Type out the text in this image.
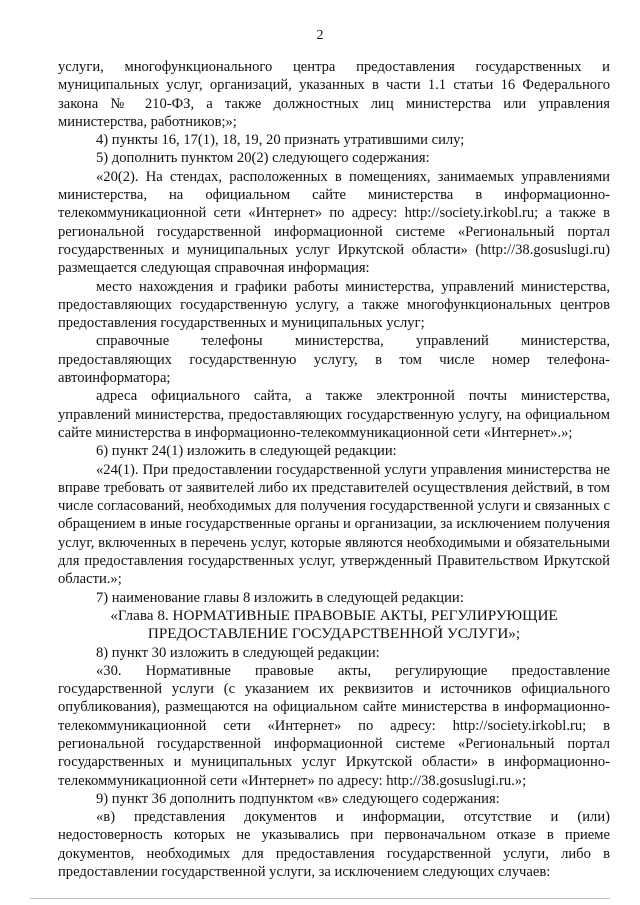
2

услуги, многофункционального центра предоставления государственных и муниципальных услуг, организаций, указанных в части 1.1 статьи 16 Федерального закона № 210-ФЗ, а также должностных лиц министерства или управления министерства, работников;»;

4) пункты 16, 17(1), 18, 19, 20 признать утратившими силу;

5) дополнить пунктом 20(2) следующего содержания:

«20(2). На стендах, расположенных в помещениях, занимаемых управлениями министерства, на официальном сайте министерства в информационно-телекоммуникационной сети «Интернет» по адресу: http://society.irkobl.ru; а также в региональной государственной информационной системе «Региональный портал государственных и муниципальных услуг Иркутской области» (http://38.gosuslugi.ru) размещается следующая справочная информация:

место нахождения и графики работы министерства, управлений министерства, предоставляющих государственную услугу, а также многофункциональных центров предоставления государственных и муниципальных услуг;

справочные телефоны министерства, управлений министерства, предоставляющих государственную услугу, в том числе номер телефона-автоинформатора;

адреса официального сайта, а также электронной почты министерства, управлений министерства, предоставляющих государственную услугу, на официальном сайте министерства в информационно-телекоммуникационной сети «Интернет».»;

6) пункт 24(1) изложить в следующей редакции:

«24(1). При предоставлении государственной услуги управления министерства не вправе требовать от заявителей либо их представителей осуществления действий, в том числе согласований, необходимых для получения государственной услуги и связанных с обращением в иные государственные органы и организации, за исключением получения услуг, включенных в перечень услуг, которые являются необходимыми и обязательными для предоставления государственных услуг, утвержденный Правительством Иркутской области.»;

7) наименование главы 8 изложить в следующей редакции:

«Глава 8. НОРМАТИВНЫЕ ПРАВОВЫЕ АКТЫ, РЕГУЛИРУЮЩИЕ

ПРЕДОСТАВЛЕНИЕ ГОСУДАРСТВЕННОЙ УСЛУГИ»;

8) пункт 30 изложить в следующей редакции:

«30. Нормативные правовые акты, регулирующие предоставление государственной услуги (с указанием их реквизитов и источников официального опубликования), размещаются на официальном сайте министерства в информационно-телекоммуникационной сети «Интернет» по адресу: http://society.irkobl.ru; в региональной государственной информационной системе «Региональный портал государственных и муниципальных услуг Иркутской области» в информационно-телекоммуникационной сети «Интернет» по адресу: http://38.gosuslugi.ru.»;

9) пункт 36 дополнить подпунктом «в» следующего содержания:

«в) представления документов и информации, отсутствие и (или) недостоверность которых не указывались при первоначальном отказе в приеме документов, необходимых для предоставления государственной услуги, либо в предоставлении государственной услуги, за исключением следующих случаев:
